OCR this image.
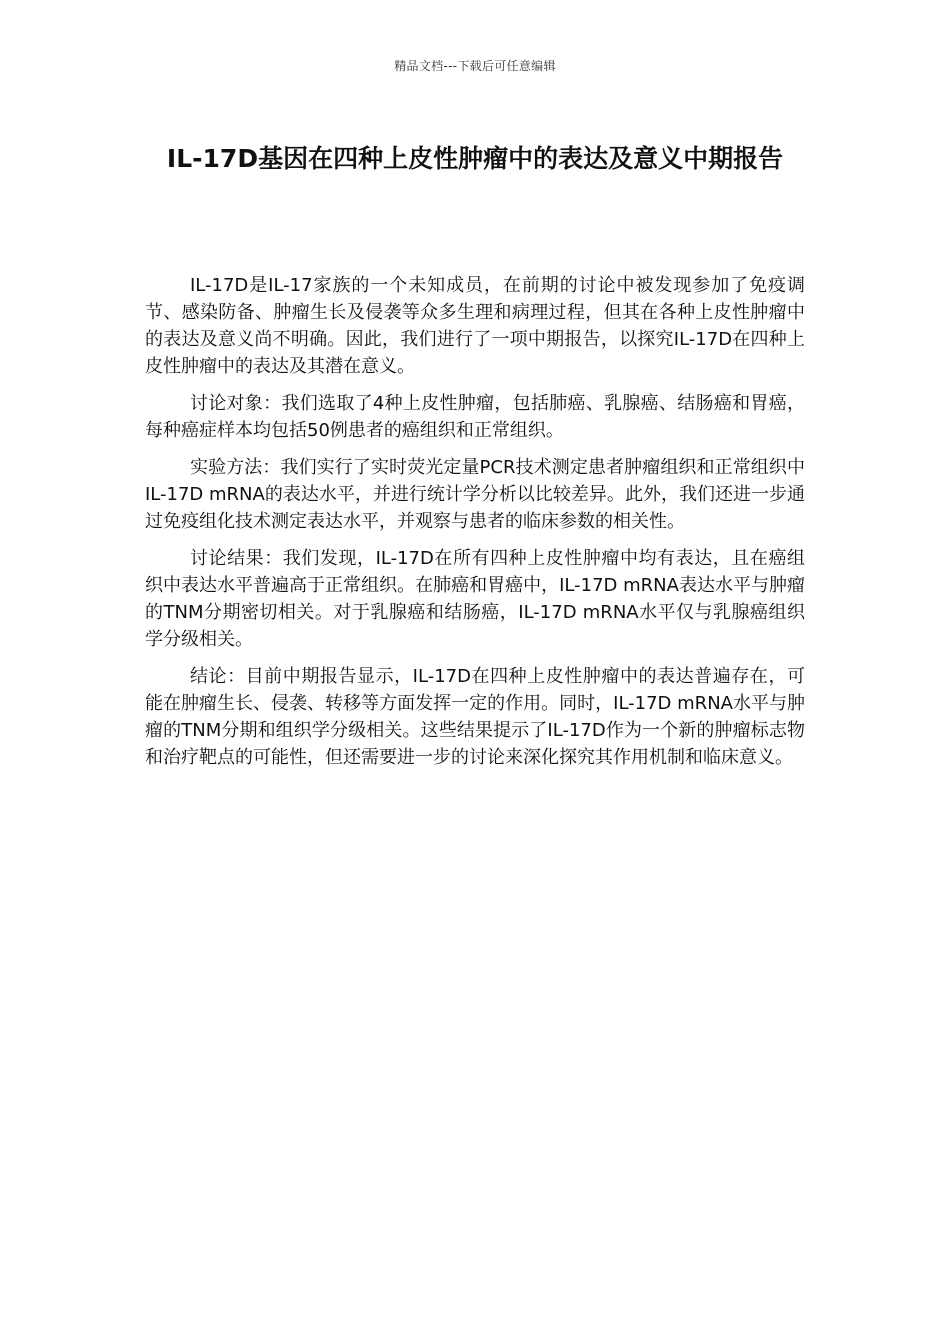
精品文档---下载后可任意编辑
IL-17D基因在四种上皮性肿瘤中的表达及意义中期报告

IL-17D是IL-17家族的一个未知成员，在前期的讨论中被发现参加了免疫调节、感染防备、肿瘤生长及侵袭等众多生理和病理过程，但其在各种上皮性肿瘤中的表达及意义尚不明确。因此，我们进行了一项中期报告，以探究IL-17D在四种上皮性肿瘤中的表达及其潜在意义。

讨论对象：我们选取了4种上皮性肿瘤，包括肺癌、乳腺癌、结肠癌和胃癌，每种癌症样本均包括50例患者的癌组织和正常组织。

实验方法：我们实行了实时荧光定量PCR技术测定患者肿瘤组织和正常组织中IL-17D mRNA的表达水平，并进行统计学分析以比较差异。此外，我们还进一步通过免疫组化技术测定表达水平，并观察与患者的临床参数的相关性。

讨论结果：我们发现，IL-17D在所有四种上皮性肿瘤中均有表达，且在癌组织中表达水平普遍高于正常组织。在肺癌和胃癌中，IL-17D mRNA表达水平与肿瘤的TNM分期密切相关。对于乳腺癌和结肠癌，IL-17D mRNA水平仅与乳腺癌组织学分级相关。

结论：目前中期报告显示，IL-17D在四种上皮性肿瘤中的表达普遍存在，可能在肿瘤生长、侵袭、转移等方面发挥一定的作用。同时，IL-17D mRNA水平与肿瘤的TNM分期和组织学分级相关。这些结果提示了IL-17D作为一个新的肿瘤标志物和治疗靶点的可能性，但还需要进一步的讨论来深化探究其作用机制和临床意义。
